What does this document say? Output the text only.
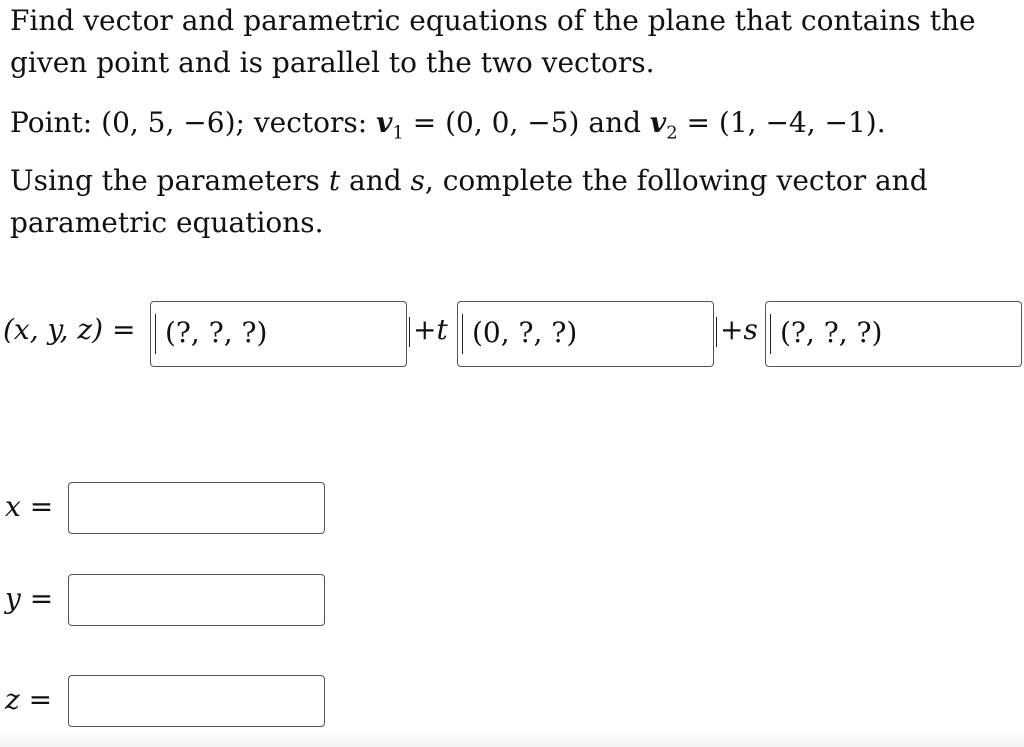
Find vector and parametric equations of the plane that contains the given point and is parallel to the two vectors.

Point: (0, 5, −6); vectors: $v_1 = (0$, 0, −5) and $v_2 = (1$, −4, −1).

Using the parameters t and s, complete the following vector and parametric equations.

(x, y, z) =	(?, ?, ?)	+t (0, ?, ?)	+s (?, ?, ?)
x =
y =
z =
